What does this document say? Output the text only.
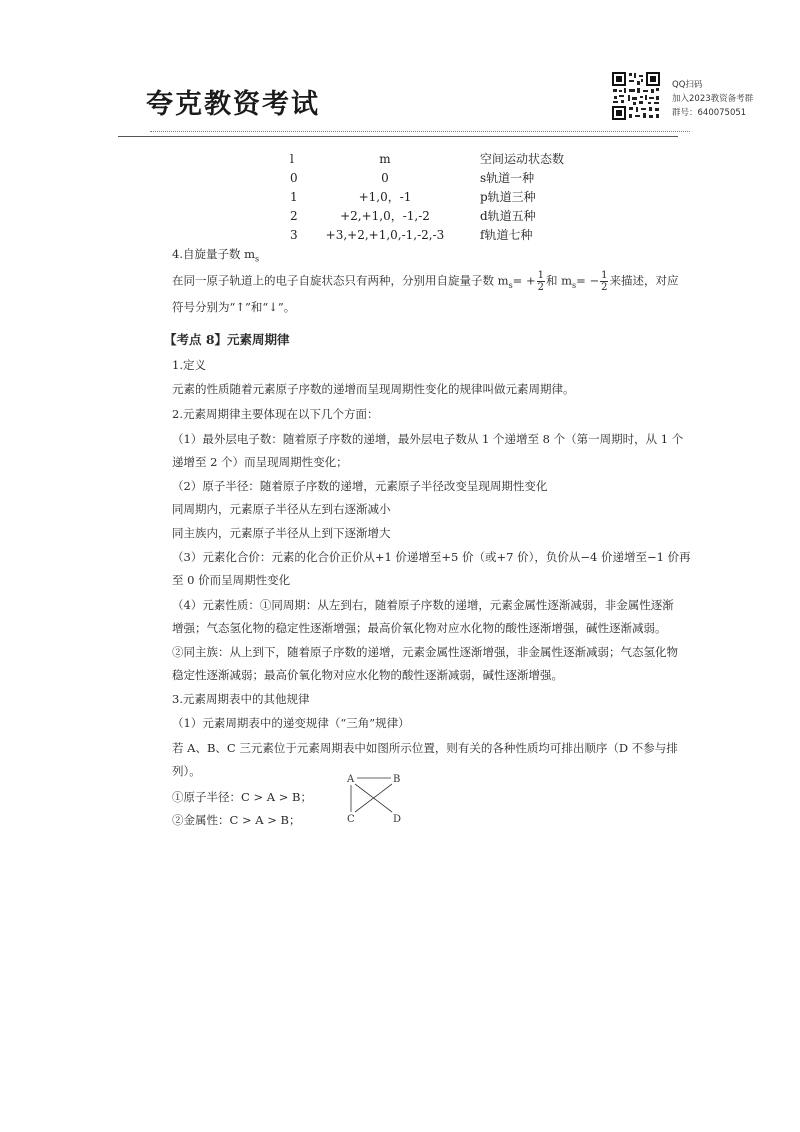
夸克教资考试
QQ扫码
加入2023教资备考群
群号：640075051
l	m	空间运动状态数
0	0	s轨道一种
1	+1,0，-1	p轨道三种
2	+2,+1,0，-1,-2	d轨道五种
3	+3,+2,+1,0,-1,-2,-3	f轨道七种

4.自旋量子数 $m_s$

在同一原子轨道上的电子自旋状态只有两种，分别用自旋量子数 $m_s= + \frac{1}{2}$ 和 $m_s= - \frac{1}{2}$ 来描述，对应

符号分别为“↑”和“↓”。

【考点 8】元素周期律

1.定义

元素的性质随着元素原子序数的递增而呈现周期性变化的规律叫做元素周期律。

2.元素周期律主要体现在以下几个方面：

（1）最外层电子数：随着原子序数的递增，最外层电子数从 1 个递增至 8 个（第一周期时，从 1 个

递增至 2 个）而呈现周期性变化；

（2）原子半径：随着原子序数的递增，元素原子半径改变呈现周期性变化

同周期内，元素原子半径从左到右逐渐减小

同主族内，元素原子半径从上到下逐渐增大

（3）元素化合价：元素的化合价正价从+1 价递增至+5 价（或+7 价），负价从−4 价递增至−1 价再

至 0 价而呈周期性变化

（4）元素性质：①同周期：从左到右，随着原子序数的递增，元素金属性逐渐减弱，非金属性逐渐

增强；气态氢化物的稳定性逐渐增强；最高价氧化物对应水化物的酸性逐渐增强，碱性逐渐减弱。

②同主族：从上到下，随着原子序数的递增，元素金属性逐渐增强，非金属性逐渐减弱；气态氢化物

稳定性逐渐减弱；最高价氧化物对应水化物的酸性逐渐减弱，碱性逐渐增强。

3.元素周期表中的其他规律

（1）元素周期表中的递变规律（“三角”规律）

若 A、B、C 三元素位于元素周期表中如图所示位置，则有关的各种性质均可排出顺序（D 不参与排

列）。

①原子半径：C > A > B；

②金属性：C > A > B；

A	B
C	D
